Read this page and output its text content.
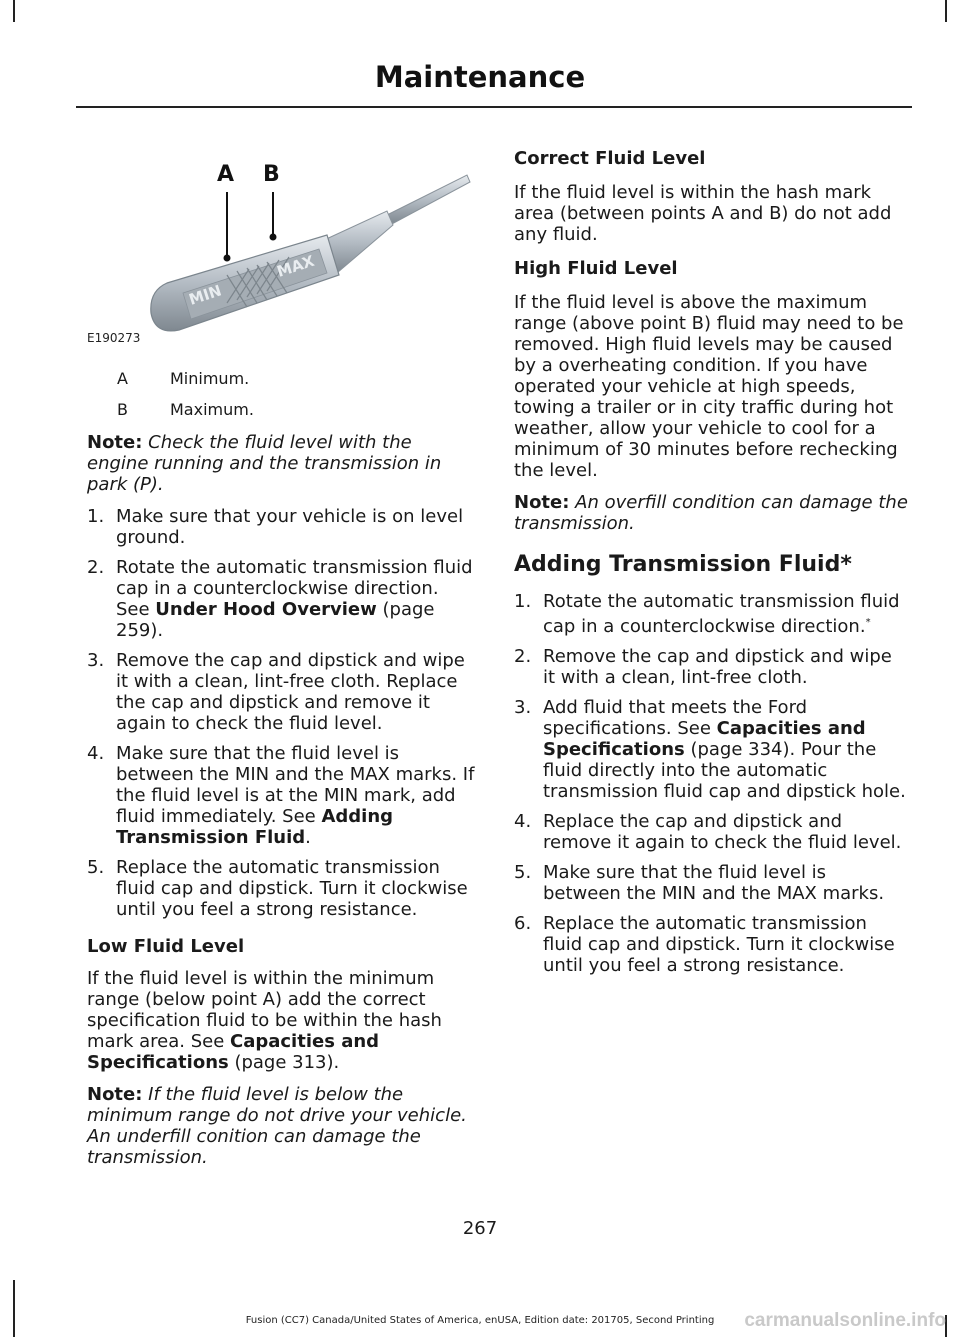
Maintenance
MIN
MAX
A B
E190273
A	Minimum.
B	Maximum.

Note: Check the fluid level with the engine running and the transmission in park (P).

1. Make sure that your vehicle is on level ground.
2. Rotate the automatic transmission fluid cap in a counterclockwise direction. See Under Hood Overview (page 259).
3. Remove the cap and dipstick and wipe it with a clean, lint-free cloth. Replace the cap and dipstick and remove it again to check the fluid level.
4. Make sure that the fluid level is between the MIN and the MAX marks. If the fluid level is at the MIN mark, add fluid immediately. See Adding Transmission Fluid.
5. Replace the automatic transmission fluid cap and dipstick. Turn it clockwise until you feel a strong resistance.

Low Fluid Level

If the fluid level is within the minimum range (below point A) add the correct specification fluid to be within the hash mark area. See Capacities and Specifications (page 313).

Note: If the fluid level is below the minimum range do not drive your vehicle. An underfill conition can damage the transmission.

Correct Fluid Level

If the fluid level is within the hash mark area (between points A and B) do not add any fluid.

High Fluid Level

If the fluid level is above the maximum range (above point B) fluid may need to be removed. High fluid levels may be caused by a overheating condition. If you have operated your vehicle at high speeds, towing a trailer or in city traffic during hot weather, allow your vehicle to cool for a minimum of 30 minutes before rechecking the level.

Note: An overfill condition can damage the transmission.

Adding Transmission Fluid*

1. Rotate the automatic transmission fluid cap in a counterclockwise direction.*
2. Remove the cap and dipstick and wipe it with a clean, lint-free cloth.
3. Add fluid that meets the Ford specifications. See Capacities and Specifications (page 334). Pour the fluid directly into the automatic transmission fluid cap and dipstick hole.
4. Replace the cap and dipstick and remove it again to check the fluid level.
5. Make sure that the fluid level is between the MIN and the MAX marks.
6. Replace the automatic transmission fluid cap and dipstick. Turn it clockwise until you feel a strong resistance.
267
Fusion (CC7) Canada/United States of America, enUSA, Edition date: 201705, Second Printing	carmanualsonline.info
